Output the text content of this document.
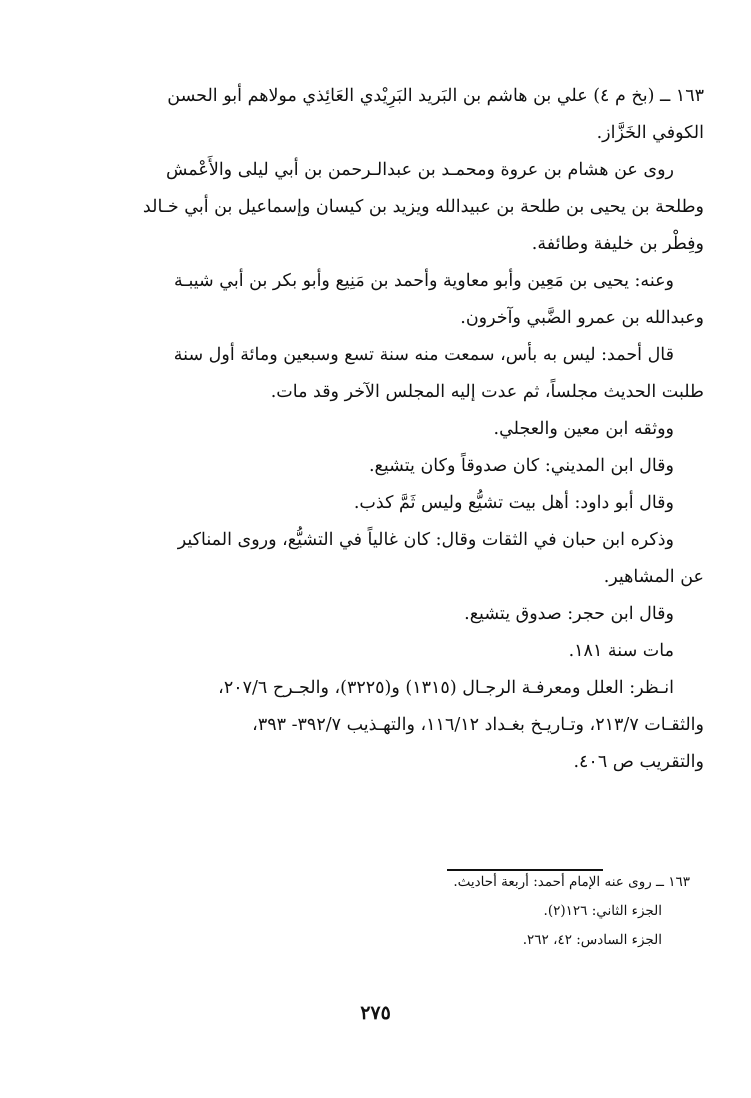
١٦٣ ــ (بخ م ٤) علي بن هاشم بن البَريد البَرِيْدي العَائِذي مولاهم أبو الحسن
الكوفي الخَزَّاز.

روى عن هشام بن عروة ومحمـد بن عبدالـرحمن بن أبي ليلى والأَعْمش
وطلحة بن يحيى بن طلحة بن عبيدالله ويزيد بن كيسان وإسماعيل بن أبي خـالد
وفِطْر بن خليفة وطائفة.

وعنه: يحيى بن مَعِين وأبو معاوية وأحمد بن مَنِيع وأبو بكر بن أبي شيبـة
وعبدالله بن عمرو الضَّبي وآخرون.

قال أحمد: ليس به بأس، سمعت منه سنة تسع وسبعين ومائة أول سنة
طلبت الحديث مجلساً، ثم عدت إليه المجلس الآخر وقد مات.

ووثقه ابن معين والعجلي.

وقال ابن المديني: كان صدوقاً وكان يتشيع.

وقال أبو داود: أهل بيت تشيُّع وليس ثَمَّ كذب.

وذكره ابن حبان في الثقات وقال: كان غالياً في التشيُّع، وروى المناكير
عن المشاهير.

وقال ابن حجر: صدوق يتشيع.

مات سنة ١٨١.

انـظر: العلل ومعرفـة الرجـال (١٣١٥) و(٣٢٢٥)، والجـرح ٢٠٧/٦،
والثقـات ٢١٣/٧، وتـاريـخ بغـداد ١١٦/١٢، والتهـذيب ٣٩٢/٧- ٣٩٣،
والتقريب ص ٤٠٦.

١٦٣ ــ روى عنه الإمام أحمد: أربعة أحاديث.
الجزء الثاني: ١٢٦(٢).
الجزء السادس: ٤٢، ٢٦٢.
٢٧٥
